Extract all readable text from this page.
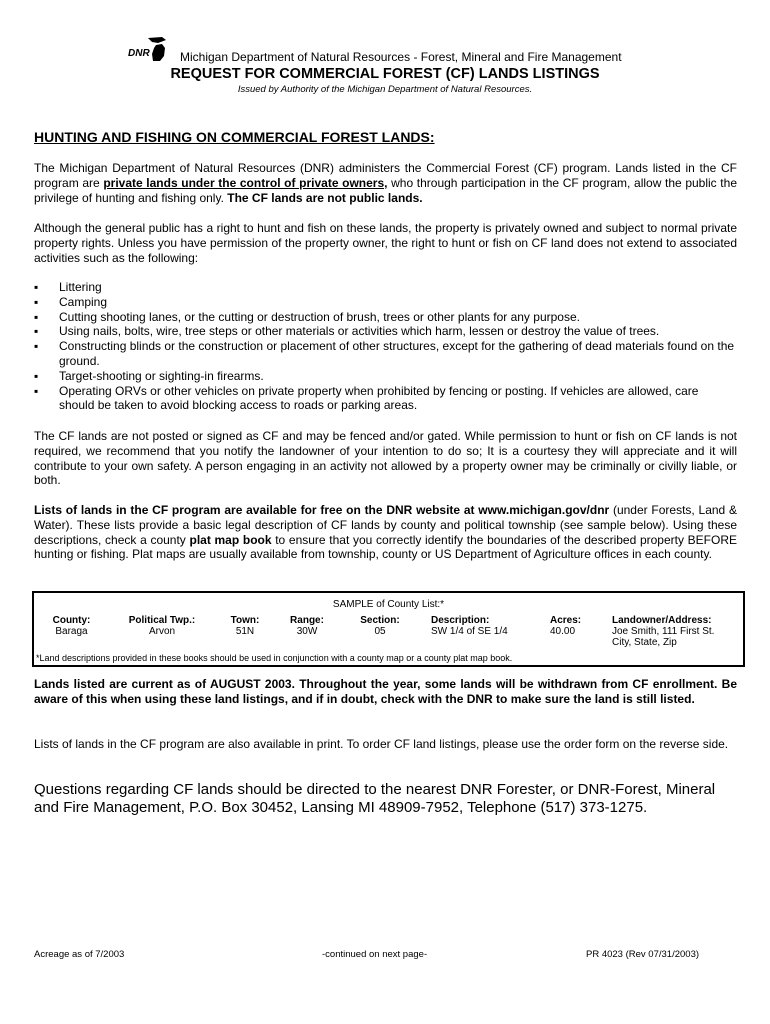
DNR	Michigan Department of Natural Resources - Forest, Mineral and Fire Management
REQUEST FOR COMMERCIAL FOREST (CF) LANDS LISTINGS
Issued by Authority of the Michigan Department of Natural Resources.
HUNTING AND FISHING ON COMMERCIAL FOREST LANDS:
The Michigan Department of Natural Resources (DNR) administers the Commercial Forest (CF) program. Lands listed in the CF program are private lands under the control of private owners, who through participation in the CF program, allow the public the privilege of hunting and fishing only. The CF lands are not public lands.
Although the general public has a right to hunt and fish on these lands, the property is privately owned and subject to normal private property rights. Unless you have permission of the property owner, the right to hunt or fish on CF land does not extend to associated activities such as the following:
▪ Littering
▪ Camping
▪ Cutting shooting lanes, or the cutting or destruction of brush, trees or other plants for any purpose.
▪ Using nails, bolts, wire, tree steps or other materials or activities which harm, lessen or destroy the value of trees.
▪ Constructing blinds or the construction or placement of other structures, except for the gathering of dead materials found on the ground.
▪ Target-shooting or sighting-in firearms.
▪ Operating ORVs or other vehicles on private property when prohibited by fencing or posting. If vehicles are allowed, care should be taken to avoid blocking access to roads or parking areas.
The CF lands are not posted or signed as CF and may be fenced and/or gated. While permission to hunt or fish on CF lands is not required, we recommend that you notify the landowner of your intention to do so; It is a courtesy they will appreciate and it will contribute to your own safety. A person engaging in an activity not allowed by a property owner may be criminally or civilly liable, or both.
Lists of lands in the CF program are available for free on the DNR website at www.michigan.gov/dnr (under Forests, Land & Water). These lists provide a basic legal description of CF lands by county and political township (see sample below). Using these descriptions, check a county plat map book to ensure that you correctly identify the boundaries of the described property BEFORE hunting or fishing. Plat maps are usually available from township, county or US Department of Agriculture offices in each county.
SAMPLE of County List:*
County:
Baraga
Political Twp.:
Arvon
Town:
51N
Range:
30W
Section:
05
Description:
SW 1/4 of SE 1/4
Acres:
40.00
Landowner/Address:
Joe Smith, 111 First St.
City, State, Zip
*Land descriptions provided in these books should be used in conjunction with a county map or a county plat map book.
Lands listed are current as of AUGUST 2003. Throughout the year, some lands will be withdrawn from CF enrollment. Be aware of this when using these land listings, and if in doubt, check with the DNR to make sure the land is still listed.
Lists of lands in the CF program are also available in print. To order CF land listings, please use the order form on the reverse side.
Questions regarding CF lands should be directed to the nearest DNR Forester, or DNR-Forest, Mineral and Fire Management, P.O. Box 30452, Lansing MI 48909-7952, Telephone (517) 373-1275.
Acreage as of 7/2003	-continued on next page-	PR 4023 (Rev 07/31/2003)
